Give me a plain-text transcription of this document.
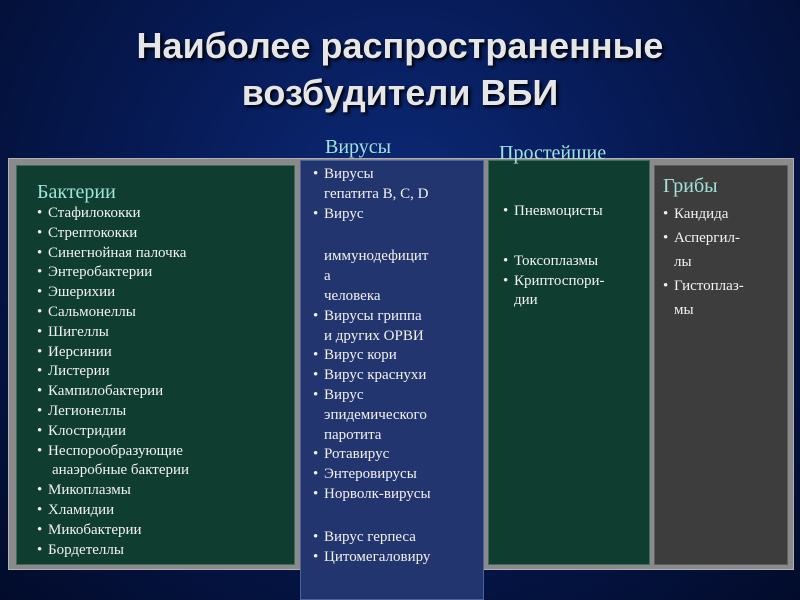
Наиболее распространенные
возбудители ВБИ
Бактерии
• Стафилококки
• Стрептококки
• Синегнойная палочка
• Энтеробактерии
• Эшерихии
• Сальмонеллы
• Шигеллы
• Иерсинии
• Листерии
• Кампилобактерии
• Легионеллы
• Клостридии
• Неспорообразующие
анаэробные бактерии
• Микоплазмы
• Хламидии
• Микобактерии
• Бордетеллы
Вирусы
• Вирусы
гепатита B, C, D
• Вирус
иммунодефицит
а
человека
• Вирусы гриппа
и других ОРВИ
• Вирус кори
• Вирус краснухи
• Вирус
эпидемического
паротита
• Ротавирус
• Энтеровирусы
• Норволк-вирусы
• Вирус герпеса
• Цитомегаловиру
Простейшие
• Пневмоцисты
• Токсоплазмы
• Криптоспори-
дии
Грибы
• Кандида
• Аспергил-
лы
• Гистоплаз-
мы
